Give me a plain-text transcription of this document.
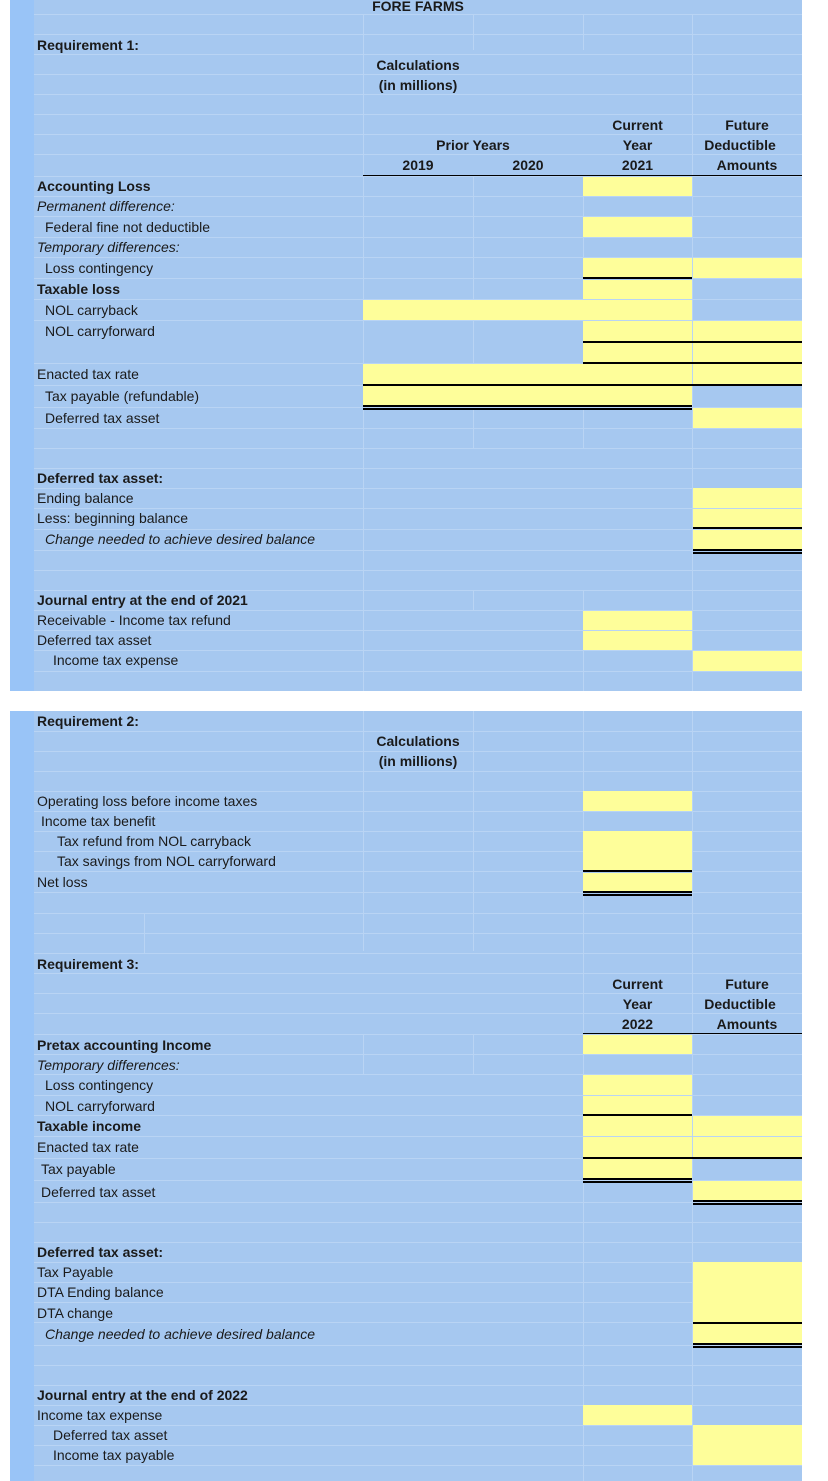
FORE FARMS
Requirement 1:
Calculations
(in millions)
Current
Year
2021
Future
Deductible
Amounts
Prior Years
2019	2020
Accounting Loss
Permanent difference:
Federal fine not deductible
Temporary differences:
Loss contingency
Taxable loss
NOL carryback
NOL carryforward
Enacted tax rate
Tax payable (refundable)
Deferred tax asset
Deferred tax asset:
Ending balance
Less: beginning balance
Change needed to achieve desired balance
Journal entry at the end of 2021
Receivable - Income tax refund
Deferred tax asset
Income tax expense
Requirement 2:
Calculations
(in millions)
Operating loss before income taxes
Income tax benefit
Tax refund from NOL carryback
Tax savings from NOL carryforward
Net loss
Requirement 3:
Current
Year
2022
Future
Deductible
Amounts
Pretax accounting Income
Temporary differences:
Loss contingency
NOL carryforward
Taxable income
Enacted tax rate
Tax payable
Deferred tax asset
Deferred tax asset:
Tax Payable
DTA Ending balance
DTA change
Change needed to achieve desired balance
Journal entry at the end of 2022
Income tax expense
Deferred tax asset
Income tax payable
